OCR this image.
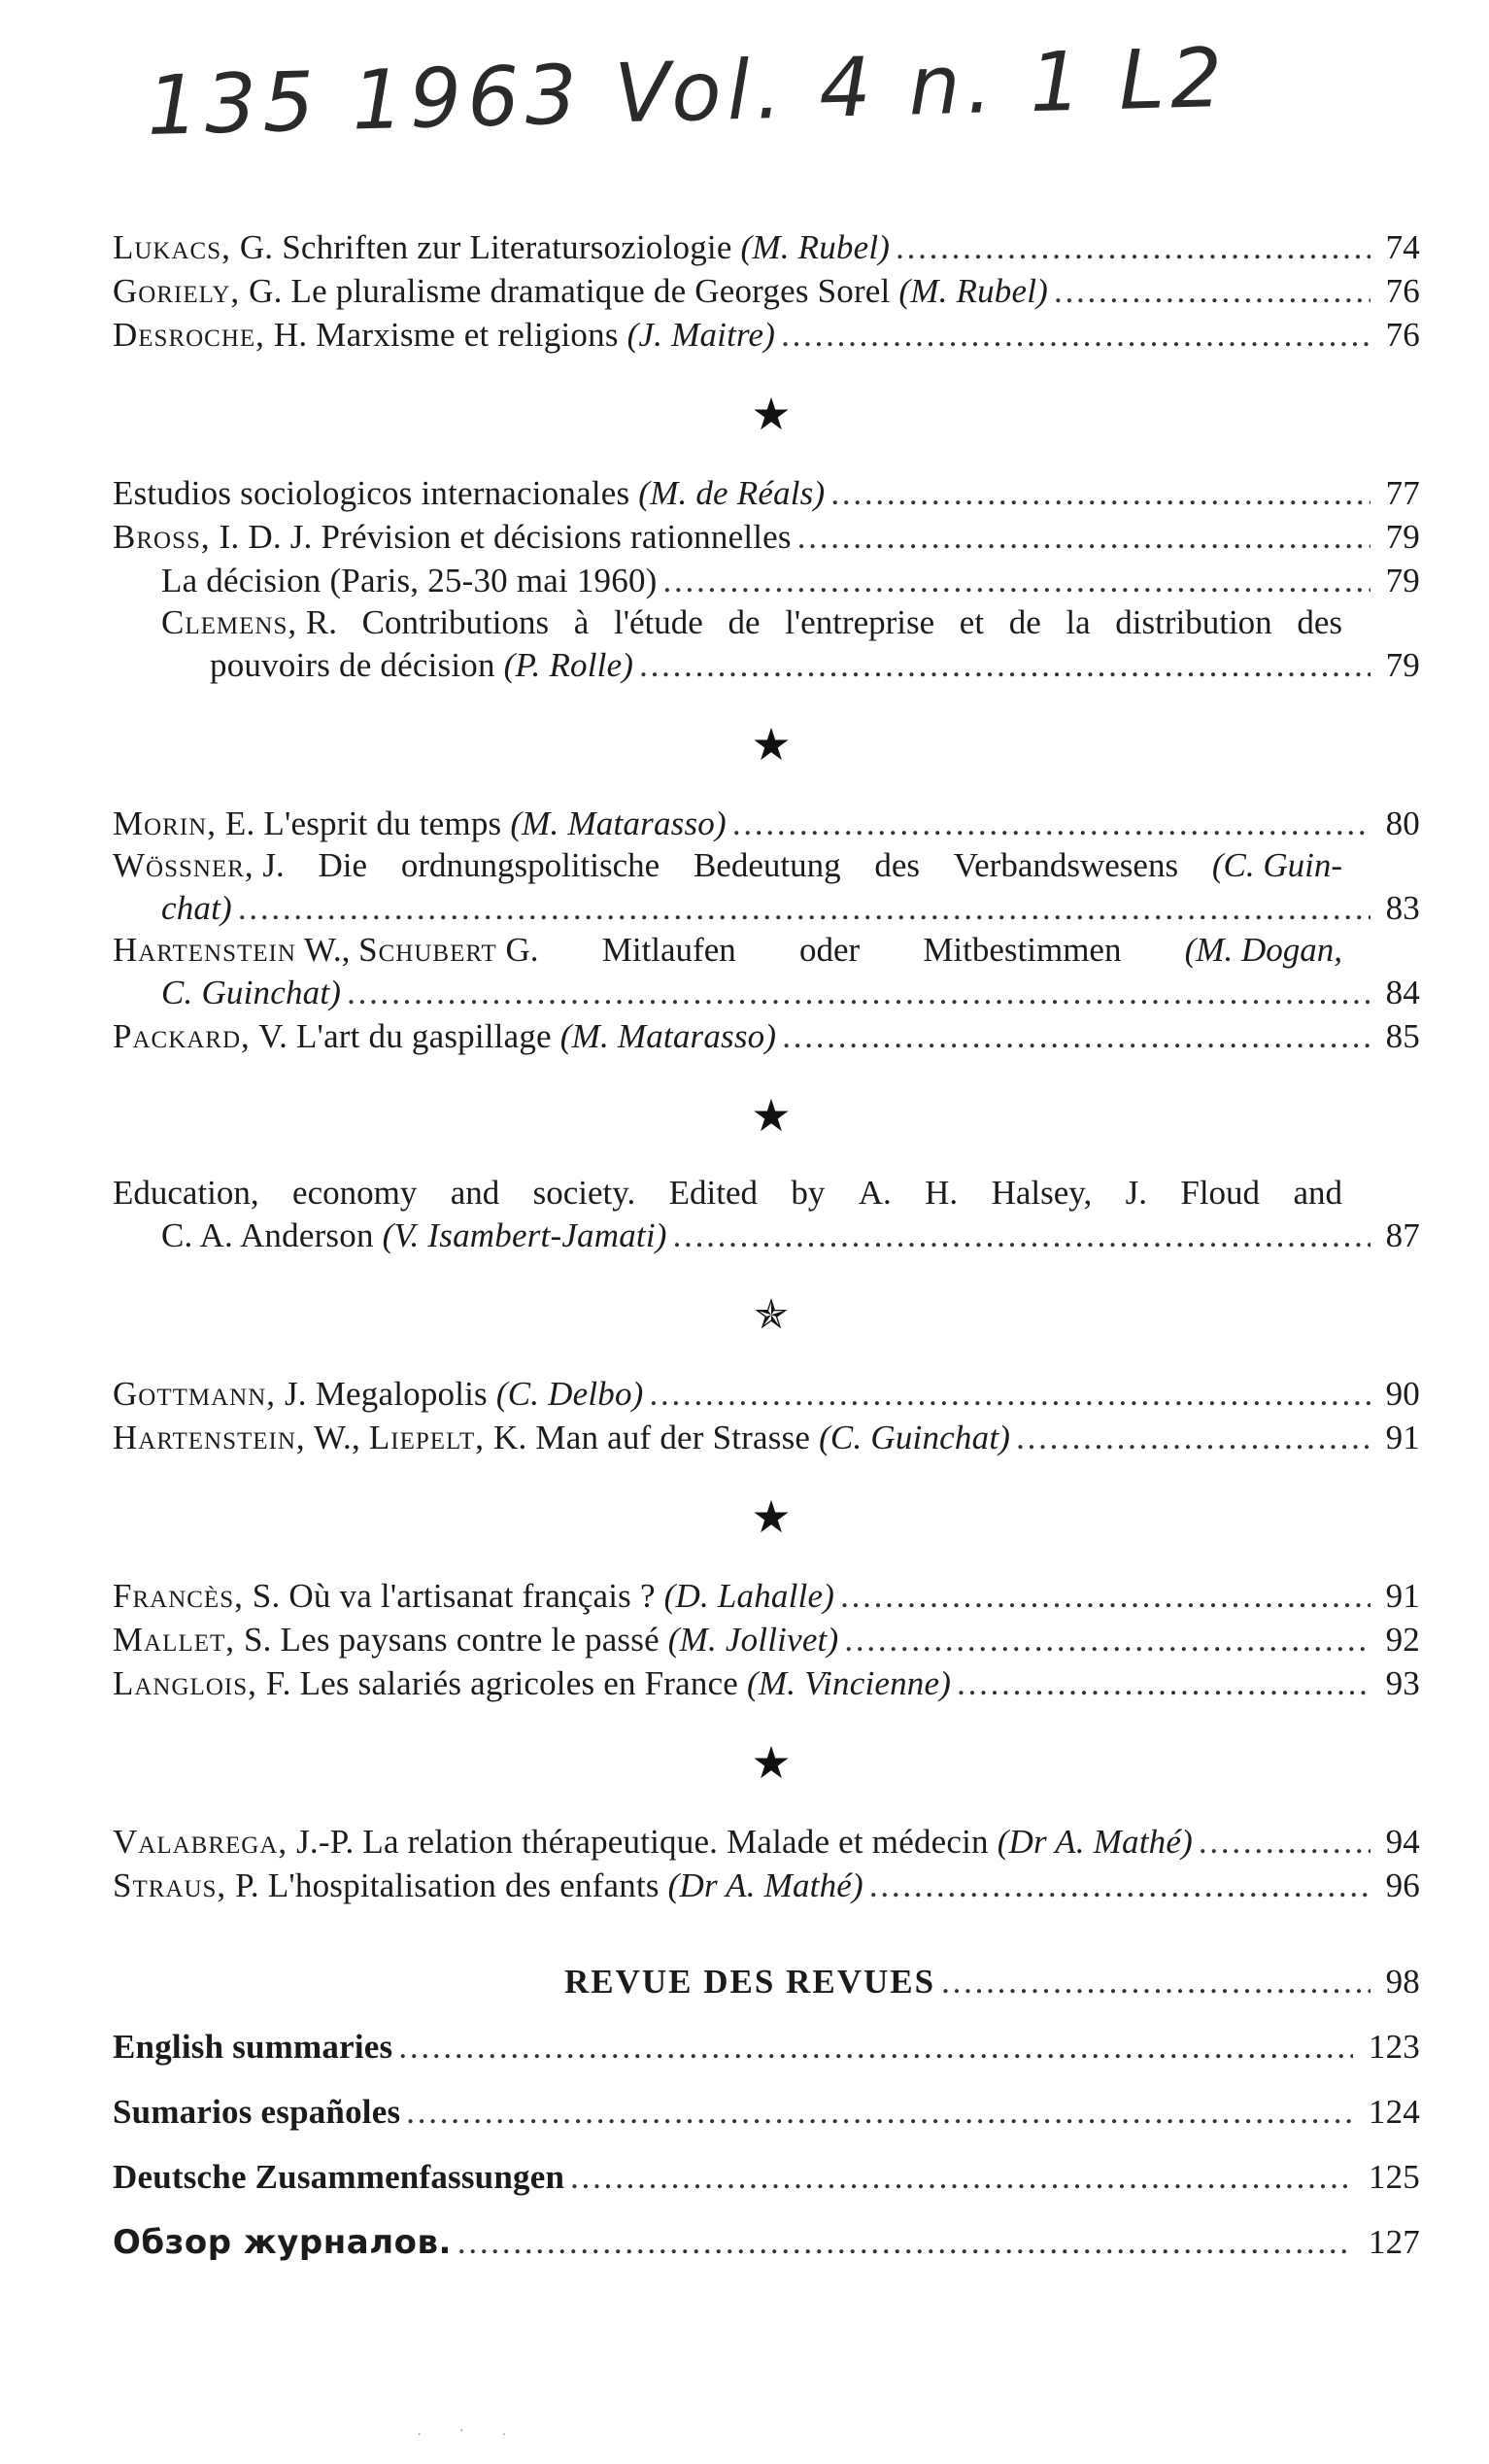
135 1963 Vol. 4 n. 1 L2
Lukacs, G. Schriften zur Literatursoziologie (M. Rubel) . . .	74
Goriely, G. Le pluralisme dramatique de Georges Sorel (M. Rubel) . . .	76
Desroche, H. Marxisme et religions (J. Maitre) . . .	76
★
Estudios sociologicos internacionales (M. de Réals) . . .	77
Bross, I. D. J. Prévision et décisions rationnelles . . .	79
La décision (Paris, 25-30 mai 1960) . . .	79
Clemens, R. Contributions à l'étude de l'entreprise et de la distribution des
pouvoirs de décision (P. Rolle) . . .	79
★
Morin, E. L'esprit du temps (M. Matarasso) . . .	80
Wössner, J. Die ordnungspolitische Bedeutung des Verbandswesens (C. Guin-
chat) . . .	83
Hartenstein W., Schubert G. Mitlaufen oder Mitbestimmen (M. Dogan,
C. Guinchat) . . .	84
Packard, V. L'art du gaspillage (M. Matarasso) . . .	85
★
Education, economy and society. Edited by A. H. Halsey, J. Floud and
C. A. Anderson (V. Isambert-Jamati) . . .	87
✯
Gottmann, J. Megalopolis (C. Delbo) . . .	90
Hartenstein, W., Liepelt, K. Man auf der Strasse (C. Guinchat) . . .	91
★
Francès, S. Où va l'artisanat français ? (D. Lahalle) . . .	91
Mallet, S. Les paysans contre le passé (M. Jollivet) . . .	92
Langlois, F. Les salariés agricoles en France (M. Vincienne) . . .	93
★
Valabrega, J.-P. La relation thérapeutique. Malade et médecin (Dr A. Mathé) . . .	94
Straus, P. L'hospitalisation des enfants (Dr A. Mathé) . . .	96
REVUE DES REVUES . . .	98
English summaries . . .	123
Sumarios españoles . . .	124
Deutsche Zusammenfassungen . . .	125
Обзор журналов. . . .	127
. · .
